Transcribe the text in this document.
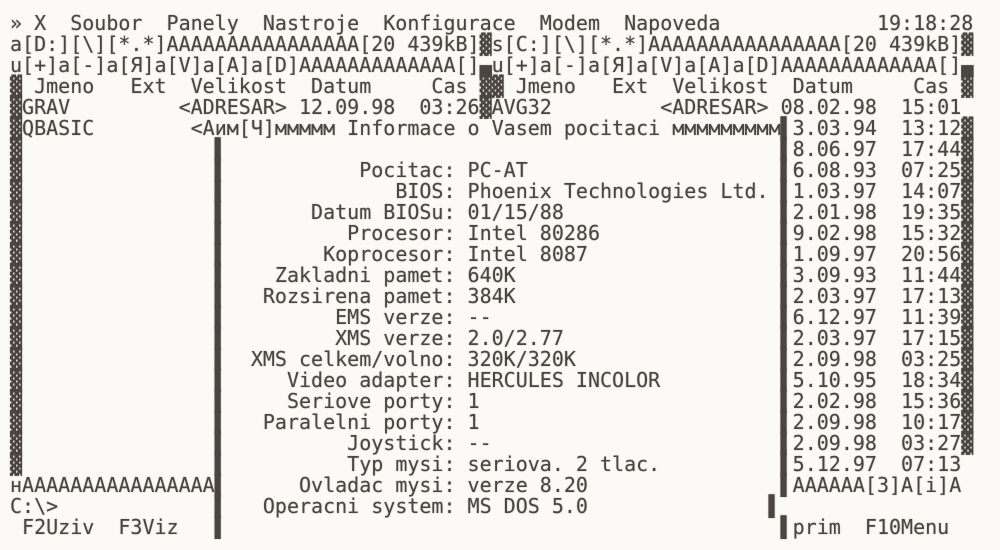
» X Soubor Panely Nastroje Konfigurace Modem Napoveda	19:18:28
a[D:][\][*.*]AAAAAAAAAAAAAAAA[20 439kB]▓s[C:][\][*.*]AAAAAAAAAAAAAAAA[20 439kB]▓
u[+]a[-]a[Я]a[V]a[A]a[D]AAAAAAAAAAAAA[]▄u[+]a[-]a[Я]a[V]a[A]a[D]AAAAAAAAAAAAA[]▄
▓ Jmeno   Ext  Velikost  Datum     Cas ▓▓ Jmeno   Ext  Velikost  Datum     Cas ▓
▓GRAV         <ADRESAR> 12.09.98  03:26▓AVG32         <ADRESAR> 08.02.98  15:01
▓QBASIC        <Aим[Ч]ммммм Informace o Vasem pocitaci ммммммммм▌3.03.94  13:12▓
▓                ▌                                              ▌8.06.97  17:44▓
▓                ▌           Pocitac: PC-AT                     ▌6.08.93  07:25▓
▓                ▌              BIOS: Phoenix Technologies Ltd. ▌1.03.97  14:07▓
▓                ▌       Datum BIOSu: 01/15/88                  ▌2.01.98  19:35▓
▓                ▌          Procesor: Intel 80286               ▌9.02.98  15:32▓
▓                ▌        Koprocesor: Intel 8087                ▌1.09.97  20:56▓
▓                ▌    Zakladni pamet: 640K                      ▌3.09.93  11:44▓
▓                ▌   Rozsirena pamet: 384K                      ▌2.03.97  17:13▓
▓                ▌         EMS verze: --                        ▌6.12.97  11:39▓
▓                ▌         XMS verze: 2.0/2.77                  ▌2.03.97  17:15▓
▓                ▌  XMS celkem/volno: 320K/320K                 ▌2.09.98  03:25▓
▓                ▌     Video adapter: HERCULES INCOLOR          ▌5.10.95  18:34▓
▓                ▌     Seriove porty: 1                         ▌2.02.98  15:36▓
▓                ▌   Paralelni porty: 1                         ▌2.09.98  10:17▓
▓                ▌          Joystick: --                        ▌2.09.98  03:27▓
▓                ▌          Typ mysi: seriova. 2 tlac.          ▌5.12.97  07:13
нAAAAAAAAAAAAAAAA▌      Ovladac mysi: verze 8.20                ▌AAAAAA[3]A[i]A
C:\>             ▌   Operacni system: MS DOS 5.0               ▌

F2Uziv

F3Viz

▌

	▌

prim

F10Menu
